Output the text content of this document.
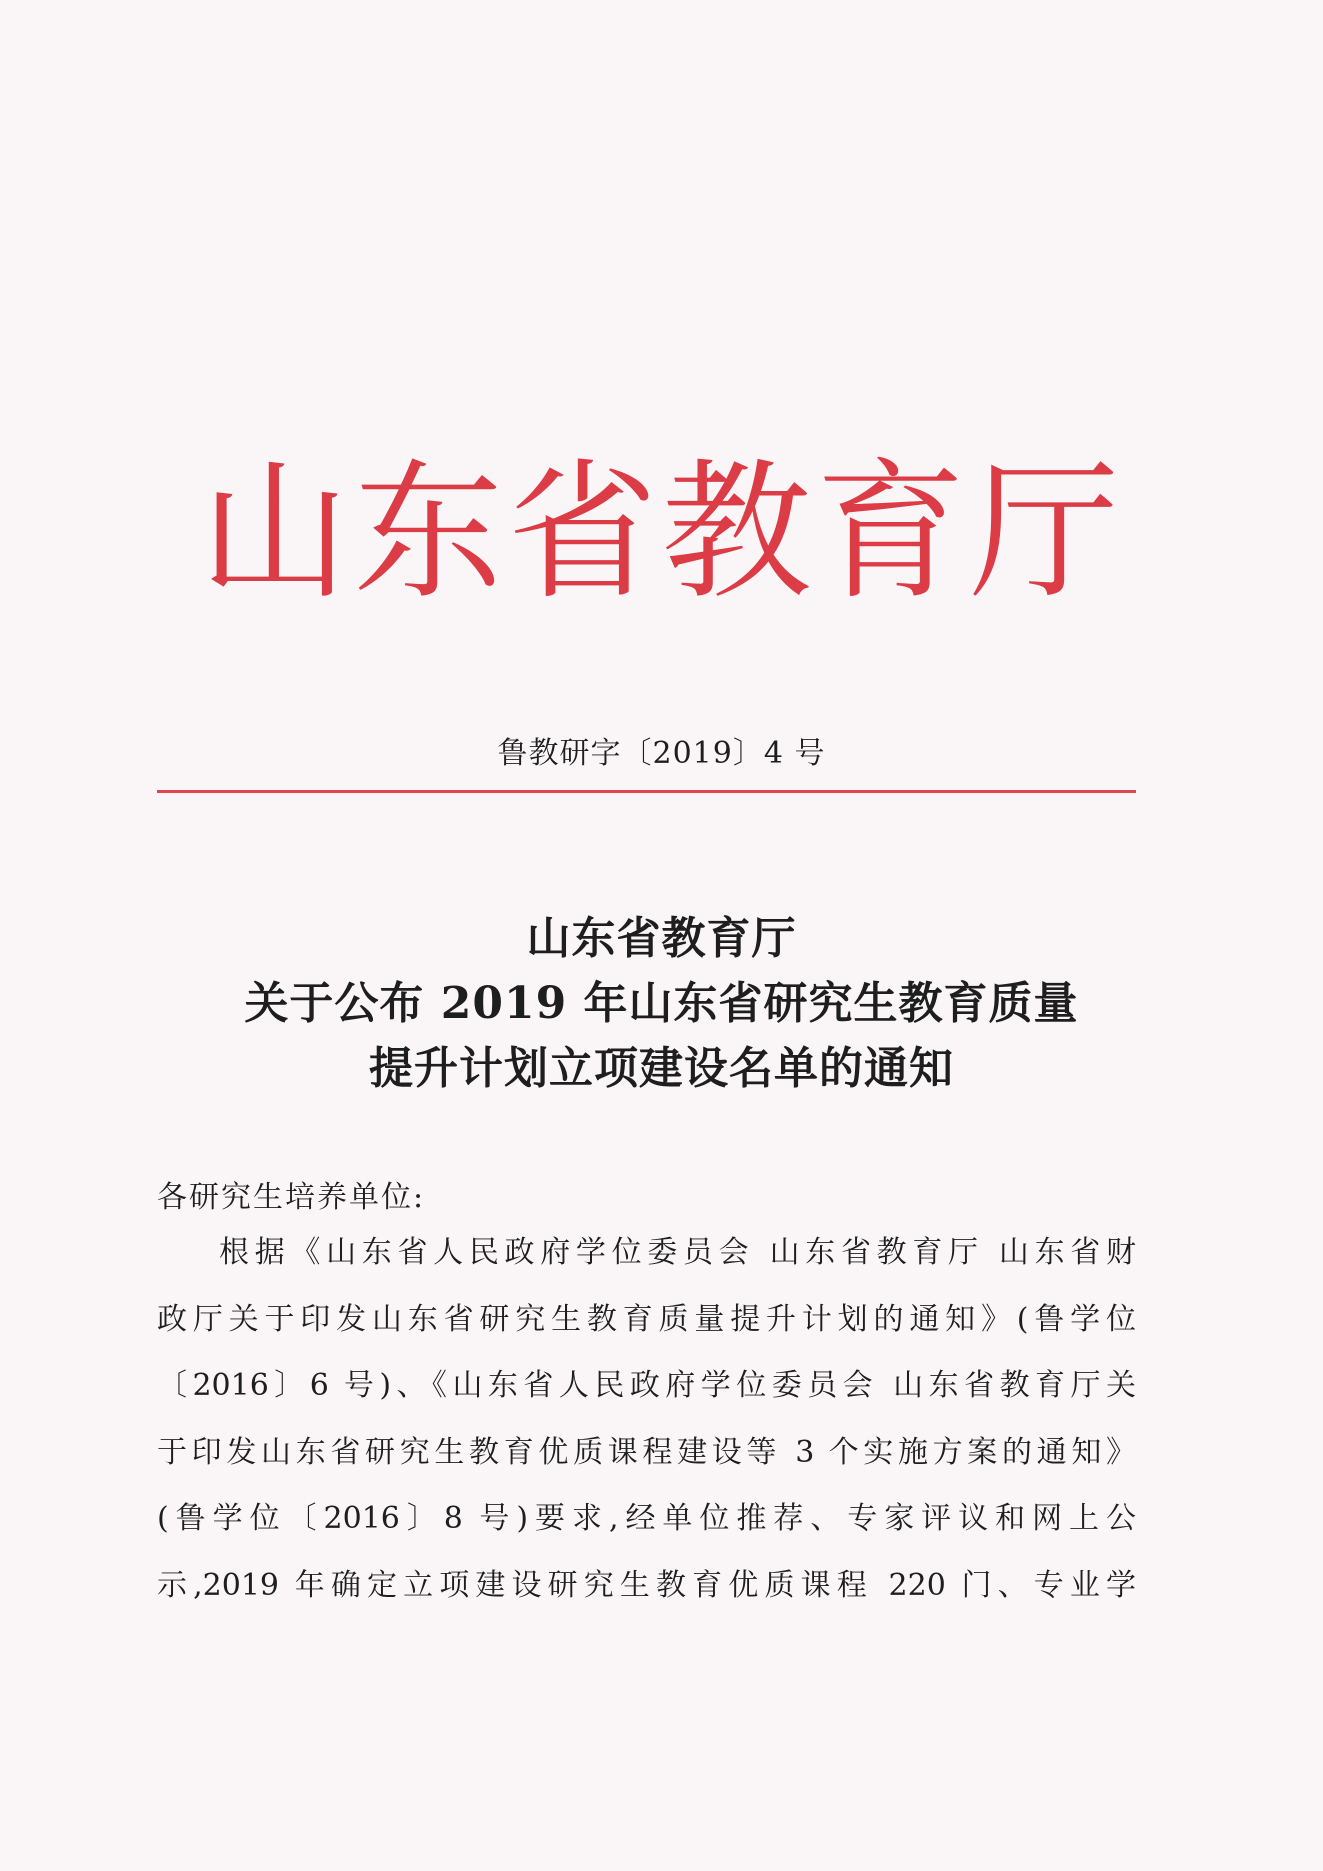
山东省教育厅
鲁教研字〔2019〕4 号
山东省教育厅
关于公布 2019 年山东省研究生教育质量
提升计划立项建设名单的通知
各研究生培养单位:
根据《山东省人民政府学位委员会 山东省教育厅 山东省财
政厅关于印发山东省研究生教育质量提升计划的通知》(鲁学位
〔2016〕6 号)、《山东省人民政府学位委员会 山东省教育厅关
于印发山东省研究生教育优质课程建设等 3 个实施方案的通知》
(鲁学位〔2016〕8 号)要求,经单位推荐、专家评议和网上公
示,2019 年确定立项建设研究生教育优质课程 220 门、专业学
